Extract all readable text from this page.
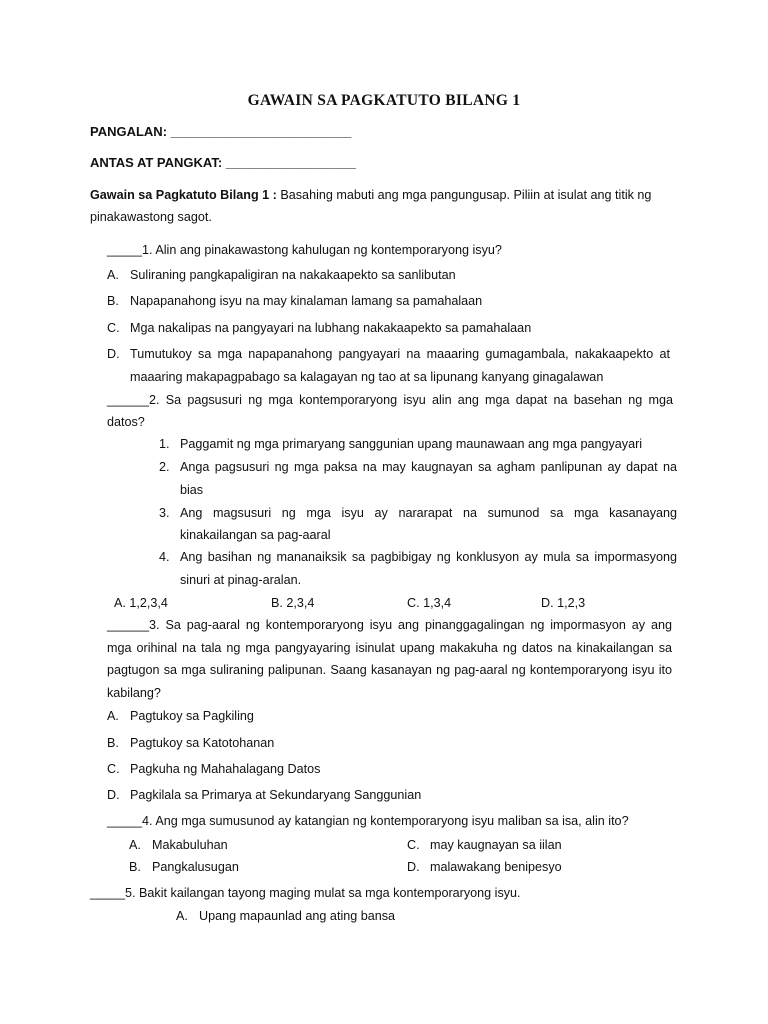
GAWAIN SA PAGKATUTO BILANG 1
PANGALAN: _________________________
ANTAS AT PANGKAT: __________________
Gawain sa Pagkatuto Bilang 1 : Basahing mabuti ang mga pangungusap. Piliin at isulat ang titik ng
pinakawastong sagot.
_____1. Alin ang pinakawastong kahulugan ng kontemporaryong isyu?
A. Suliraning pangkapaligiran na nakakaapekto sa sanlibutan
B. Napapanahong isyu na may kinalaman lamang sa pamahalaan
C. Mga nakalipas na pangyayari na lubhang nakakaapekto sa pamahalaan
D. Tumutukoy sa mga napapanahong pangyayari na maaaring gumagambala, nakakaapekto at
maaaring makapagpabago sa kalagayan ng tao at sa lipunang kanyang ginagalawan
______2. Sa pagsusuri ng mga kontemporaryong isyu alin ang mga dapat na basehan ng mga
datos?
1. Paggamit ng mga primaryang sanggunian upang maunawaan ang mga pangyayari
2. Anga pagsusuri ng mga paksa na may kaugnayan sa agham panlipunan ay dapat na
bias
3. Ang magsusuri ng mga isyu ay nararapat na sumunod sa mga kasanayang
kinakailangan sa pag-aaral
4. Ang basihan ng mananaiksik sa pagbibigay ng konklusyon ay mula sa impormasyong
sinuri at pinag-aralan.
A. 1,2,3,4	B. 2,3,4	C. 1,3,4	D. 1,2,3
______3. Sa pag-aaral ng kontemporaryong isyu ang pinanggagalingan ng impormasyon ay ang
mga orihinal na tala ng mga pangyayaring isinulat upang makakuha ng datos na kinakailangan sa
pagtugon sa mga suliraning palipunan. Saang kasanayan ng pag-aaral ng kontemporaryong isyu ito
kabilang?
A. Pagtukoy sa Pagkiling
B. Pagtukoy sa Katotohanan
C. Pagkuha ng Mahahalagang Datos
D. Pagkilala sa Primarya at Sekundaryang Sanggunian
_____4. Ang mga sumusunod ay katangian ng kontemporaryong isyu maliban sa isa, alin ito?
A. Makabuluhan
B. Pangkalusugan
C. may kaugnayan sa iilan
D. malawakang benipesyo
_____5. Bakit kailangan tayong maging mulat sa mga kontemporaryong isyu.
A. Upang mapaunlad ang ating bansa
